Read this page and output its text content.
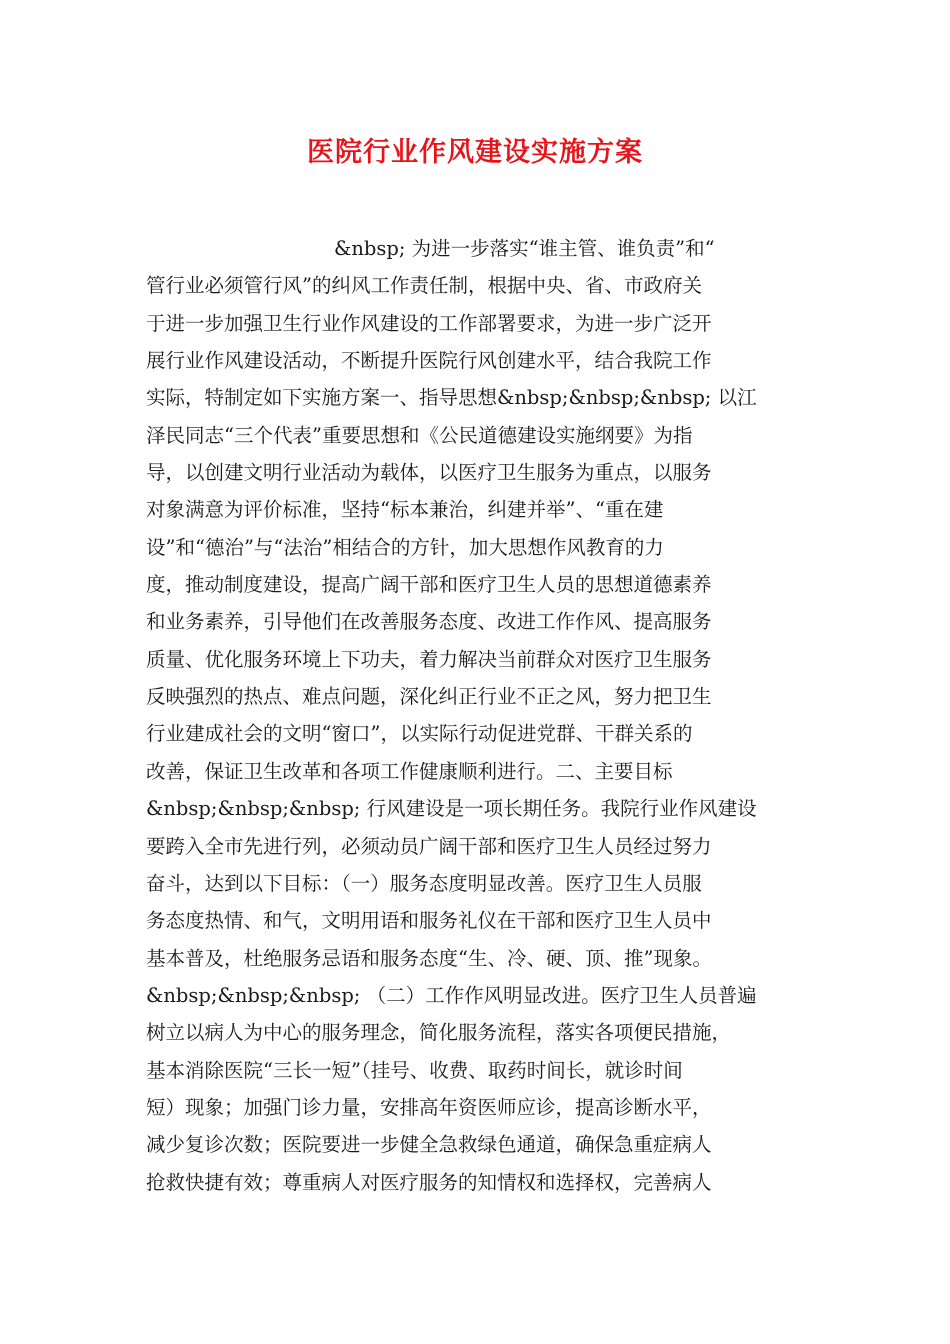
医院行业作风建设实施方案
&nbsp; 为进一步落实“谁主管、谁负责”和“
管行业必须管行风”的纠风工作责任制，根据中央、省、市政府关
于进一步加强卫生行业作风建设的工作部署要求，为进一步广泛开
展行业作风建设活动，不断提升医院行风创建水平，结合我院工作
实际，特制定如下实施方案一、指导思想&nbsp;&nbsp;&nbsp; 以江
泽民同志“三个代表”重要思想和《公民道德建设实施纲要》为指
导，以创建文明行业活动为载体，以医疗卫生服务为重点，以服务
对象满意为评价标准，坚持“标本兼治，纠建并举”、“重在建
设”和“德治”与“法治”相结合的方针，加大思想作风教育的力
度，推动制度建设，提高广阔干部和医疗卫生人员的思想道德素养
和业务素养，引导他们在改善服务态度、改进工作作风、提高服务
质量、优化服务环境上下功夫，着力解决当前群众对医疗卫生服务
反映强烈的热点、难点问题，深化纠正行业不正之风，努力把卫生
行业建成社会的文明“窗口”，以实际行动促进党群、干群关系的
改善，保证卫生改革和各项工作健康顺利进行。二、主要目标
&nbsp;&nbsp;&nbsp; 行风建设是一项长期任务。我院行业作风建设
要跨入全市先进行列，必须动员广阔干部和医疗卫生人员经过努力
奋斗，达到以下目标：（一）服务态度明显改善。医疗卫生人员服
务态度热情、和气，文明用语和服务礼仪在干部和医疗卫生人员中
基本普及，杜绝服务忌语和服务态度“生、冷、硬、顶、推”现象。
&nbsp;&nbsp;&nbsp; （二）工作作风明显改进。医疗卫生人员普遍
树立以病人为中心的服务理念，简化服务流程，落实各项便民措施，
基本消除医院“三长一短”（挂号、收费、取药时间长，就诊时间
短）现象；加强门诊力量，安排高年资医师应诊，提高诊断水平，
减少复诊次数；医院要进一步健全急救绿色通道，确保急重症病人
抢救快捷有效；尊重病人对医疗服务的知情权和选择权，完善病人
